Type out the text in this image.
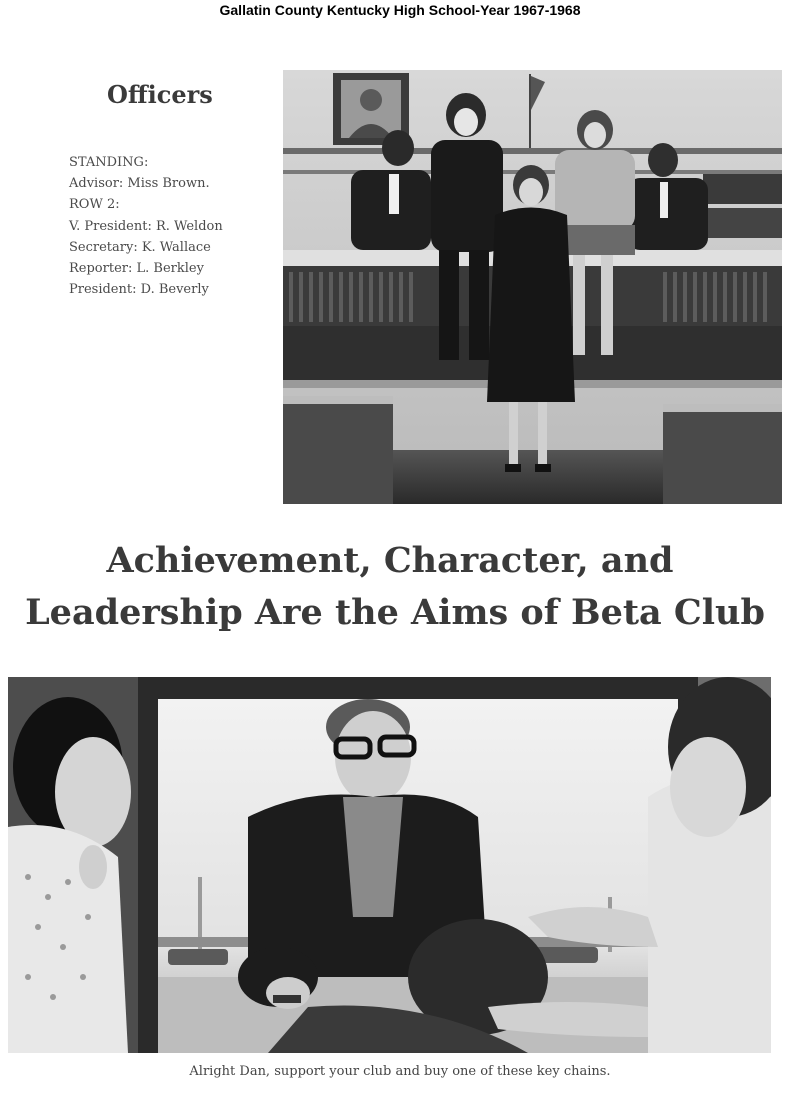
Gallatin County Kentucky High School-Year 1967-1968
Officers
STANDING:
Advisor: Miss Brown.
ROW 2:
V. President: R. Weldon
Secretary: K. Wallace
Reporter: L. Berkley
President: D. Beverly
Achievement, Character, and
Leadership Are the Aims of Beta Club
Alright Dan, support your club and buy one of these key chains.
